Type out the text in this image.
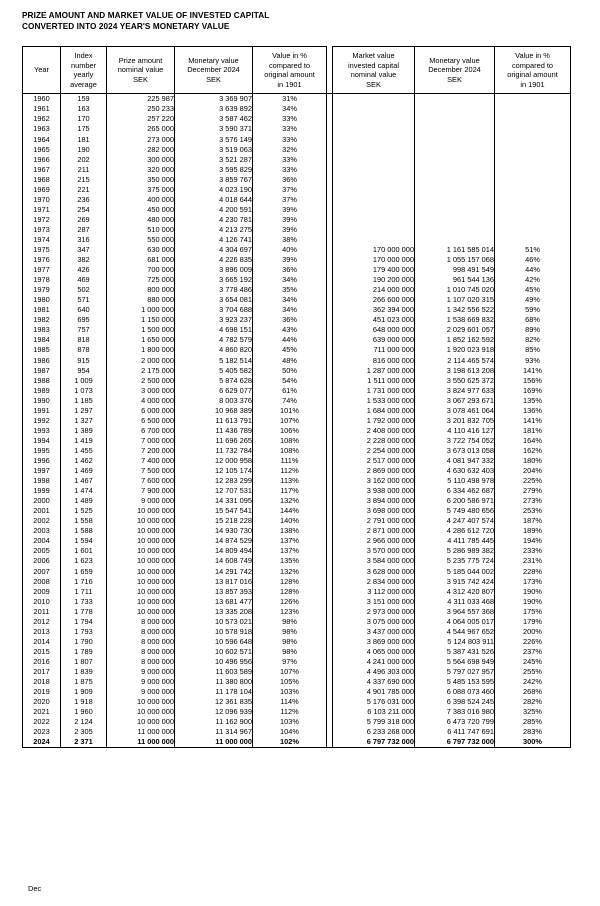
PRIZE AMOUNT AND MARKET VALUE OF INVESTED CAPITAL
CONVERTED INTO 2024 YEAR'S MONETARY VALUE
Year

Index
number
yearly
average

Prize amount
nominal value
SEK

Monetary value
December 2024
SEK

Value in %
compared to
original amount
in 1901

Market value
invested capital
nominal value
SEK

Monetary value
December 2024
SEK

Value in %
compared to
original amount
in 1901

1960	159	225 987	3 369 907	31%				
1961	163	250 233	3 639 892	34%				
1962	170	257 220	3 587 462	33%				
1963	175	265 000	3 590 371	33%				
1964	181	273 000	3 576 149	33%				
1965	190	282 000	3 519 063	32%				
1966	202	300 000	3 521 287	33%				
1967	211	320 000	3 595 829	33%				
1968	215	350 000	3 859 767	36%				
1969	221	375 000	4 023 190	37%				
1970	236	400 000	4 018 644	37%				
1971	254	450 000	4 200 591	39%				
1972	269	480 000	4 230 781	39%				
1973	287	510 000	4 213 275	39%				
1974	316	550 000	4 126 741	38%				
1975	347	630 000	4 304 697	40%		170 000 000	1 161 585 014	51%
1976	382	681 000	4 226 835	39%		170 000 000	1 055 157 068	46%
1977	426	700 000	3 896 009	36%		179 400 000	998 491 549	44%
1978	469	725 000	3 665 192	34%		190 200 000	961 544 136	42%
1979	502	800 000	3 778 486	35%		214 000 000	1 010 745 020	45%
1980	571	880 000	3 654 081	34%		266 600 000	1 107 020 315	49%
1981	640	1 000 000	3 704 688	34%		362 394 000	1 342 556 522	59%
1982	695	1 150 000	3 923 237	36%		451 023 000	1 538 669 832	68%
1983	757	1 500 000	4 698 151	43%		648 000 000	2 029 601 057	89%
1984	818	1 650 000	4 782 579	44%		639 000 000	1 852 162 592	82%
1985	878	1 800 000	4 860 820	45%		711 000 000	1 920 023 918	85%
1986	915	2 000 000	5 182 514	48%		816 000 000	2 114 465 574	93%
1987	954	2 175 000	5 405 582	50%		1 287 000 000	3 198 613 208	141%
1988	1 009	2 500 000	5 874 628	54%		1 511 000 000	3 550 625 372	156%
1989	1 073	3 000 000	6 629 077	61%		1 731 000 000	3 824 977 633	169%
1990	1 185	4 000 000	8 003 376	74%		1 533 000 000	3 067 293 671	135%
1991	1 297	6 000 000	10 968 389	101%		1 684 000 000	3 078 461 064	136%
1992	1 327	6 500 000	11 613 791	107%		1 792 000 000	3 201 832 705	141%
1993	1 389	6 700 000	11 436 789	106%		2 408 000 000	4 110 416 127	181%
1994	1 419	7 000 000	11 696 265	108%		2 228 000 000	3 722 754 052	164%
1995	1 455	7 200 000	11 732 784	108%		2 254 000 000	3 673 013 058	162%
1996	1 462	7 400 000	12 000 958	111%		2 517 000 000	4 081 947 332	180%
1997	1 469	7 500 000	12 105 174	112%		2 869 000 000	4 630 632 403	204%
1998	1 467	7 600 000	12 283 299	113%		3 162 000 000	5 110 498 978	225%
1999	1 474	7 900 000	12 707 531	117%		3 938 000 000	6 334 462 687	279%
2000	1 489	9 000 000	14 331 095	132%		3 894 000 000	6 200 586 971	273%
2001	1 525	10 000 000	15 547 541	144%		3 698 000 000	5 749 480 656	253%
2002	1 558	10 000 000	15 218 228	140%		2 791 000 000	4 247 407 574	187%
2003	1 588	10 000 000	14 930 730	138%		2 871 000 000	4 286 612 720	189%
2004	1 594	10 000 000	14 874 529	137%		2 966 000 000	4 411 785 445	194%
2005	1 601	10 000 000	14 809 494	137%		3 570 000 000	5 286 989 382	233%
2006	1 623	10 000 000	14 608 749	135%		3 584 000 000	5 235 775 724	231%
2007	1 659	10 000 000	14 291 742	132%		3 628 000 000	5 185 044 002	228%
2008	1 716	10 000 000	13 817 016	128%		2 834 000 000	3 915 742 424	173%
2009	1 711	10 000 000	13 857 393	128%		3 112 000 000	4 312 420 807	190%
2010	1 733	10 000 000	13 681 477	126%		3 151 000 000	4 311 033 468	190%
2011	1 778	10 000 000	13 335 208	123%		2 973 000 000	3 964 557 368	175%
2012	1 794	8 000 000	10 573 021	98%		3 075 000 000	4 064 005 017	179%
2013	1 793	8 000 000	10 578 918	98%		3 437 000 000	4 544 967 652	200%
2014	1 790	8 000 000	10 596 648	98%		3 869 000 000	5 124 803 911	226%
2015	1 789	8 000 000	10 602 571	98%		4 065 000 000	5 387 431 526	237%
2016	1 807	8 000 000	10 496 956	97%		4 241 000 000	5 564 698 949	245%
2017	1 839	9 000 000	11 603 589	107%		4 496 303 000	5 797 027 957	255%
2018	1 875	9 000 000	11 380 800	105%		4 337 690 000	5 485 153 595	242%
2019	1 909	9 000 000	11 178 104	103%		4 901 785 000	6 088 073 460	268%
2020	1 918	10 000 000	12 361 835	114%		5 176 031 000	6 398 524 245	282%
2021	1 960	10 000 000	12 096 939	112%		6 103 211 000	7 383 016 980	325%
2022	2 124	10 000 000	11 162 900	103%		5 799 318 000	6 473 720 799	285%
2023	2 305	11 000 000	11 314 967	104%		6 233 268 000	6 411 747 691	283%
2024	2 371	11 000 000	11 000 000	102%		6 797 732 000	6 797 732 000	300%
Dec
